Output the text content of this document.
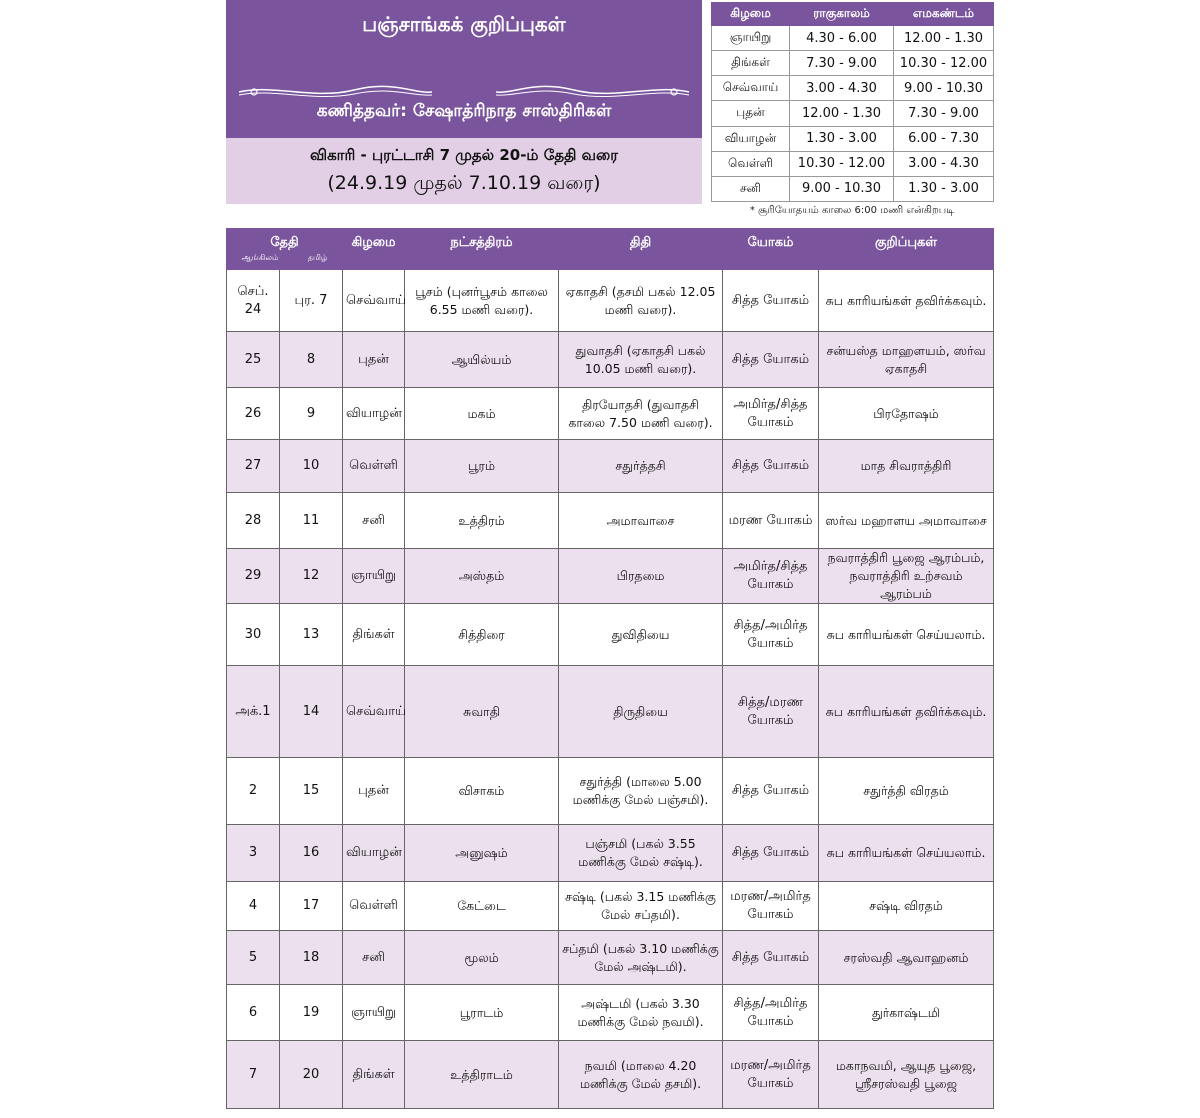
பஞ்சாங்கக் குறிப்புகள்
கணித்தவர்: சேஷாத்ரிநாத சாஸ்திரிகள்
விகாரி - புரட்டாசி 7 முதல் 20-ம் தேதி வரை
(24.9.19 முதல் 7.10.19 வரை)
கிழமை	ராகுகாலம்	எமகண்டம்
ஞாயிறு	4.30 - 6.00	12.00 - 1.30
திங்கள்	7.30 - 9.00	10.30 - 12.00
செவ்வாய்	3.00 - 4.30	9.00 - 10.30
புதன்	12.00 - 1.30	7.30 - 9.00
வியாழன்	1.30 - 3.00	6.00 - 7.30
வெள்ளி	10.30 - 12.00	3.00 - 4.30
சனி	9.00 - 10.30	1.30 - 3.00
* சூரியோதயம் காலை 6:00 மணி என்கிறபடி
தேதி
ஆங்கிலம் தமிழ்		கிழமை	நட்சத்திரம்	திதி	யோகம்	குறிப்புகள்

செப். 24	புர. 7	செவ்வாய்	பூசம் (புனர்பூசம் காலை 6.55 மணி வரை).	ஏகாதசி (தசமி பகல் 12.05 மணி வரை).	சித்த யோகம்	சுப காரியங்கள் தவிர்க்கவும்.
25	8	புதன்	ஆயில்யம்	துவாதசி (ஏகாதசி பகல் 10.05 மணி வரை).	சித்த யோகம்	சன்யஸ்த மாஹளயம், ஸர்வ ஏகாதசி
26	9	வியாழன்	மகம்	திரயோதசி (துவாதசி காலை 7.50 மணி வரை).	அமிர்த/சித்த யோகம்	பிரதோஷம்
27	10	வெள்ளி	பூரம்	சதுர்த்தசி	சித்த யோகம்	மாத சிவராத்திரி
28	11	சனி	உத்திரம்	அமாவாசை	மரண யோகம்	ஸர்வ மஹாளய அமாவாசை
29	12	ஞாயிறு	அஸ்தம்	பிரதமை	அமிர்த/சித்த யோகம்	நவராத்திரி பூஜை ஆரம்பம், நவராத்திரி உற்சவம் ஆரம்பம்
30	13	திங்கள்	சித்திரை	துவிதியை	சித்த/அமிர்த யோகம்	சுப காரியங்கள் செய்யலாம்.
அக்.1	14	செவ்வாய்	சுவாதி	திருதியை	சித்த/மரண யோகம்	சுப காரியங்கள் தவிர்க்கவும்.
2	15	புதன்	விசாகம்	சதுர்த்தி (மாலை 5.00 மணிக்கு மேல் பஞ்சமி).	சித்த யோகம்	சதுர்த்தி விரதம்
3	16	வியாழன்	அனுஷம்	பஞ்சமி (பகல் 3.55 மணிக்கு மேல் சஷ்டி).	சித்த யோகம்	சுப காரியங்கள் செய்யலாம்.
4	17	வெள்ளி	கேட்டை	சஷ்டி (பகல் 3.15 மணிக்கு மேல் சப்தமி).	மரண/அமிர்த யோகம்	சஷ்டி விரதம்
5	18	சனி	மூலம்	சப்தமி (பகல் 3.10 மணிக்கு மேல் அஷ்டமி).	சித்த யோகம்	சரஸ்வதி ஆவாஹனம்
6	19	ஞாயிறு	பூராடம்	அஷ்டமி (பகல் 3.30 மணிக்கு மேல் நவமி).	சித்த/அமிர்த யோகம்	துர்காஷ்டமி
7	20	திங்கள்	உத்திராடம்	நவமி (மாலை 4.20 மணிக்கு மேல் தசமி).	மரண/அமிர்த யோகம்	மகாநவமி, ஆயுத பூஜை, ஸ்ரீசரஸ்வதி பூஜை
